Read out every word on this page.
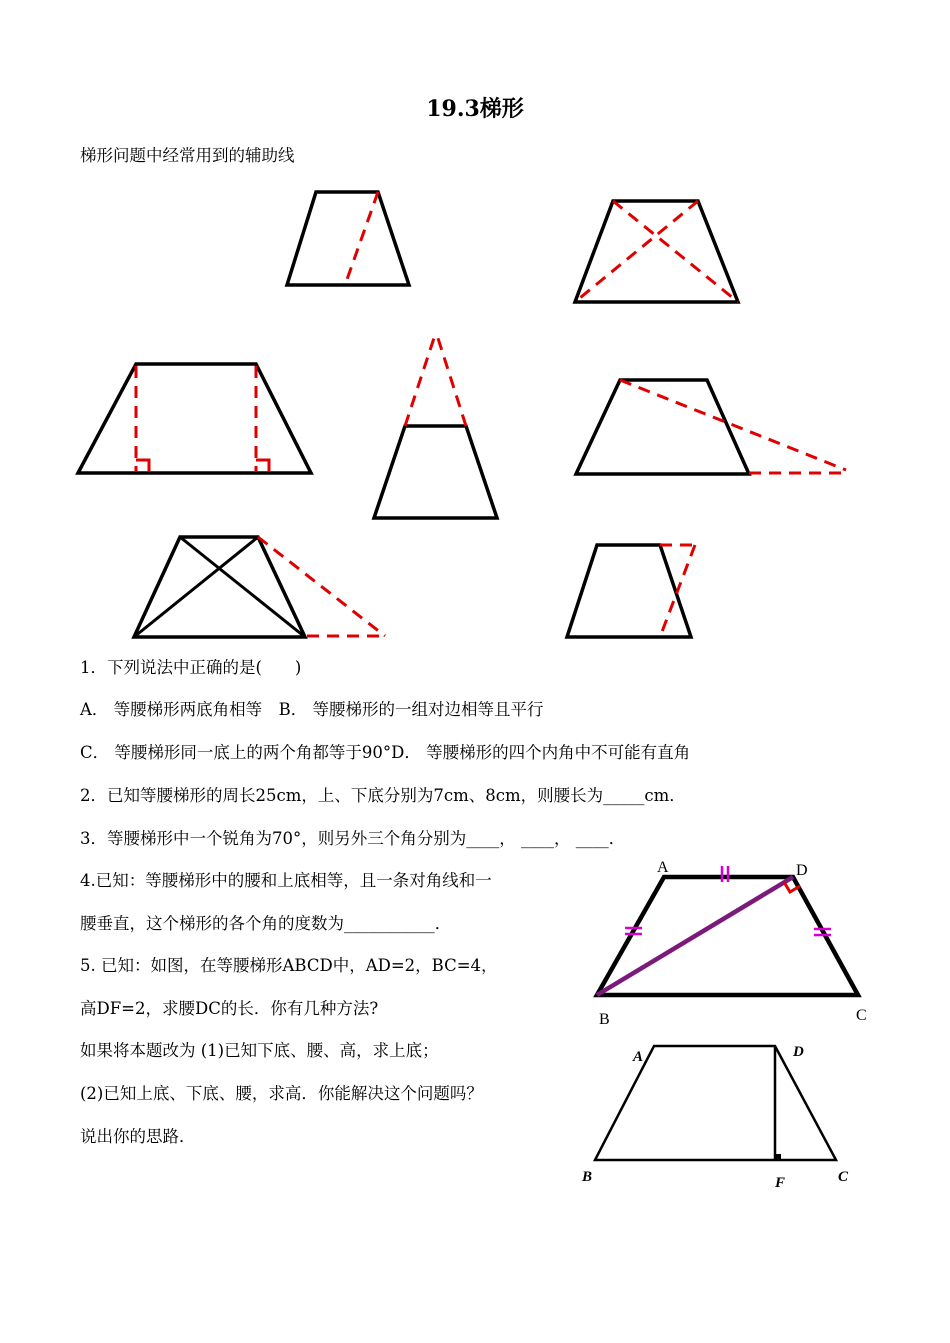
19.3梯形
梯形问题中经常用到的辅助线
A	D
B	C
A	D
B	C
F
1．下列说法中正确的是(　　)
A． 等腰梯形两底角相等　B． 等腰梯形的一组对边相等且平行
C． 等腰梯形同一底上的两个角都等于90°D． 等腰梯形的四个内角中不可能有直角
2．已知等腰梯形的周长25cm，上、下底分别为7cm、8cm，则腰长为_____cm．
3．等腰梯形中一个锐角为70°，则另外三个角分别为____， ____， ____．
4.已知：等腰梯形中的腰和上底相等，且一条对角线和一
腰垂直，这个梯形的各个角的度数为___________．
5. 已知：如图，在等腰梯形ABCD中，AD=2，BC=4，
高DF=2，求腰DC的长．你有几种方法?
如果将本题改为 (1)已知下底、腰、高，求上底；
(2)已知上底、下底、腰，求高．你能解决这个问题吗？
说出你的思路．
